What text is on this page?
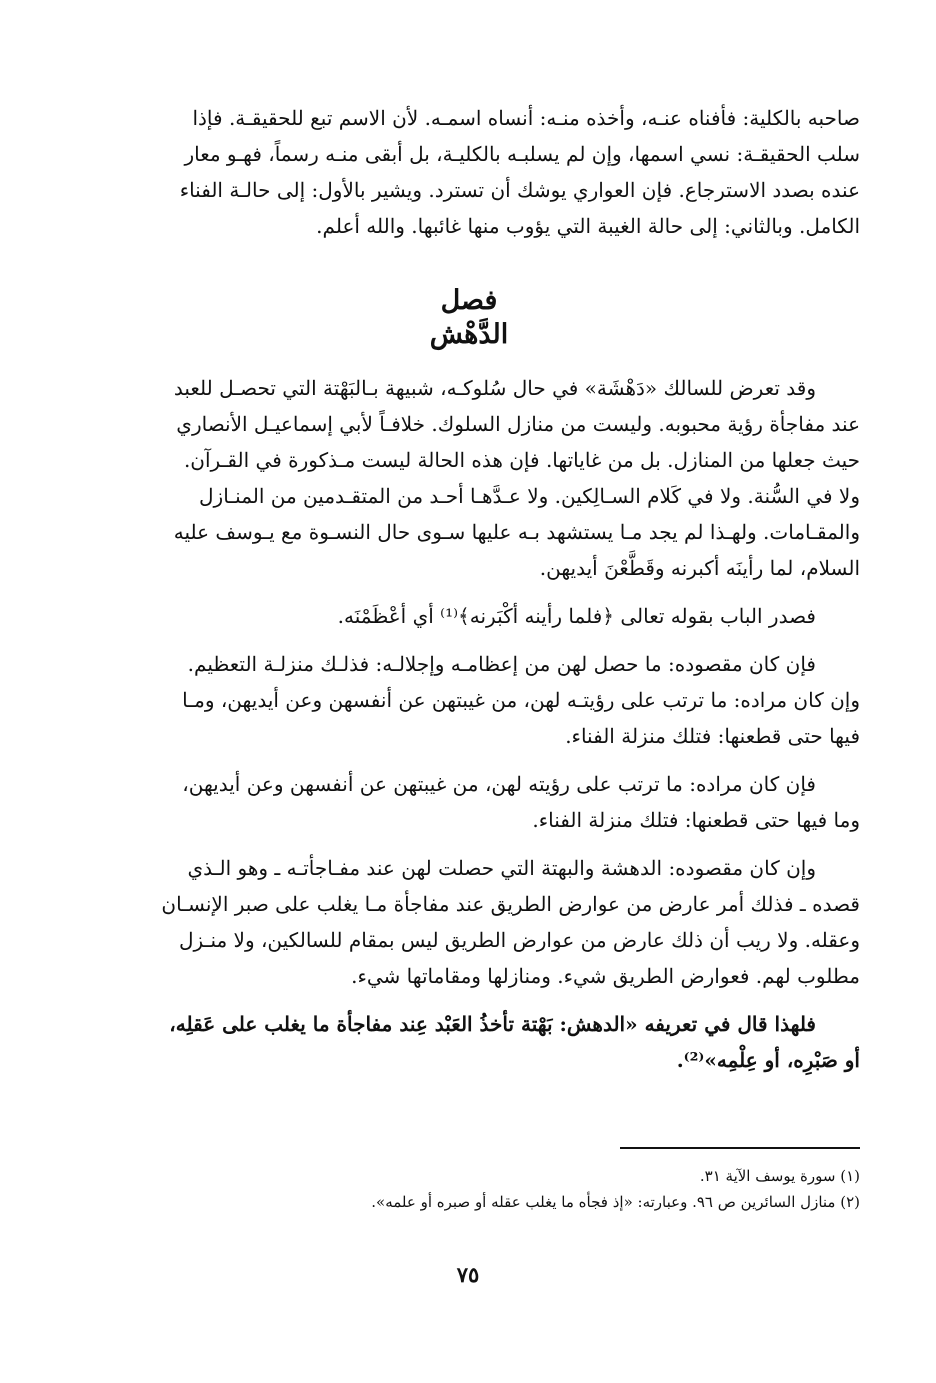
صاحبه بالكلية: فأفناه عنـه، وأخذه منـه: أنساه اسمـه. لأن الاسم تبع للحقيقـة. فإذا
سلب الحقيقـة: نسي اسمها، وإن لم يسلبـه بالكليـة، بل أبقى منـه رسماً، فهـو معار
عنده بصدد الاسترجاع. فإن العواري يوشك أن تسترد. ويشير بالأول: إلى حالـة الفناء
الكامل. وبالثاني: إلى حالة الغيبة التي يؤوب منها غائبها. والله أعلم.
فصل
الدَّهْش
وقد تعرض للسالك «دَهْشَة» في حال سُلوكـه، شبيهة بـالبَهْتة التي تحصـل للعبد
عند مفاجأة رؤية محبوبه. وليست من منازل السلوك. خلافـاً لأبي إسماعيـل الأنصاري
حيث جعلها من المنازل. بل من غاياتها. فإن هذه الحالة ليست مـذكورة في القـرآن.
ولا في السُّنة. ولا في كَلام السـالِكين. ولا عـدَّهـا أحـد من المتقـدمين من المنـازل
والمقـامات. ولهـذا لم يجد مـا يستشهد بـه عليها سـوى حال النسـوة مع يـوسف عليه
السلام، لما رأينَه أكبرنه وقَطَّعْنَ أيديهن.
فصدر الباب بقوله تعالى ﴿فلما رأينه أكْبَرنه﴾⁽¹⁾ أي أعْظَمْنَه.
فإن كان مقصوده: ما حصل لهن من إعظامـه وإجلالـه: فذلـك منزلـة التعظيم.
وإن كان مراده: ما ترتب على رؤيتـه لهن، من غيبتهن عن أنفسهن وعن أيديهن، ومـا
فيها حتى قطعنها: فتلك منزلة الفناء.
فإن كان مراده: ما ترتب على رؤيته لهن، من غيبتهن عن أنفسهن وعن أيديهن،
وما فيها حتى قطعنها: فتلك منزلة الفناء.
وإن كان مقصوده: الدهشة والبهتة التي حصلت لهن عند مفـاجأتـه ـ وهو الـذي
قصده ـ فذلك أمر عارض من عوارض الطريق عند مفاجأة مـا يغلب على صبر الإنسـان
وعقله. ولا ريب أن ذلك عارض من عوارض الطريق ليس بمقام للسالكين، ولا منـزل
مطلوب لهم. فعوارض الطريق شيء. ومنازلها ومقاماتها شيء.
فلهذا قال في تعريفه «الدهش: بَهْتة تأخذُ العَبْد عِند مفاجأة ما يغلب على عَقلِه،
أو صَبْرِه، أو عِلْمِه»⁽²⁾.
(١) سورة يوسف الآية ٣١.
(٢) منازل السائرين ص ٩٦. وعبارته: «إذ فجأه ما يغلب عقله أو صبره أو علمه».
٧٥
